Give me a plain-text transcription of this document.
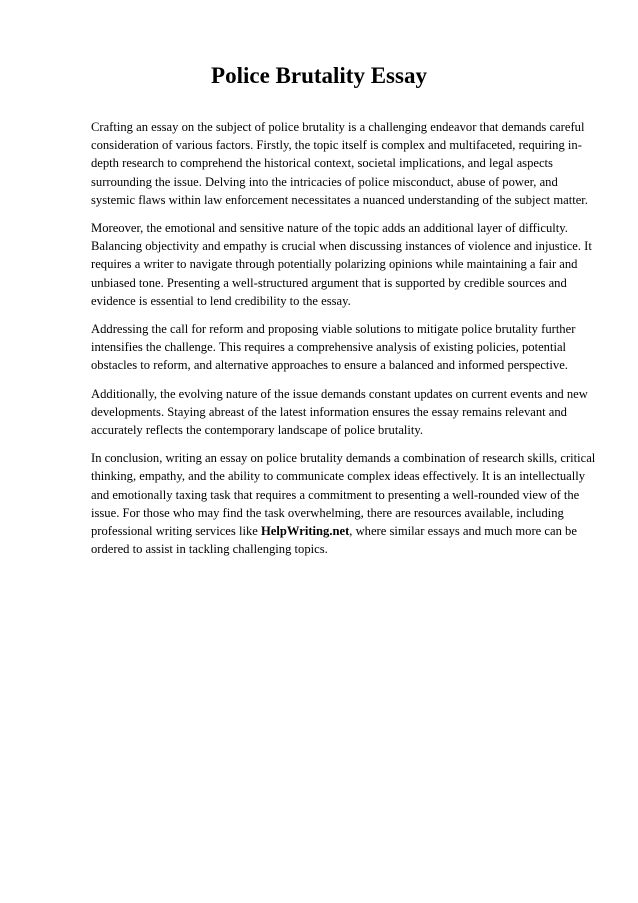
Police Brutality Essay

Crafting an essay on the subject of police brutality is a challenging endeavor that demands careful consideration of various factors. Firstly, the topic itself is complex and multifaceted, requiring in-depth research to comprehend the historical context, societal implications, and legal aspects surrounding the issue. Delving into the intricacies of police misconduct, abuse of power, and systemic flaws within law enforcement necessitates a nuanced understanding of the subject matter.

Moreover, the emotional and sensitive nature of the topic adds an additional layer of difficulty. Balancing objectivity and empathy is crucial when discussing instances of violence and injustice. It requires a writer to navigate through potentially polarizing opinions while maintaining a fair and unbiased tone. Presenting a well-structured argument that is supported by credible sources and evidence is essential to lend credibility to the essay.

Addressing the call for reform and proposing viable solutions to mitigate police brutality further intensifies the challenge. This requires a comprehensive analysis of existing policies, potential obstacles to reform, and alternative approaches to ensure a balanced and informed perspective.

Additionally, the evolving nature of the issue demands constant updates on current events and new developments. Staying abreast of the latest information ensures the essay remains relevant and accurately reflects the contemporary landscape of police brutality.

In conclusion, writing an essay on police brutality demands a combination of research skills, critical thinking, empathy, and the ability to communicate complex ideas effectively. It is an intellectually and emotionally taxing task that requires a commitment to presenting a well-rounded view of the issue. For those who may find the task overwhelming, there are resources available, including professional writing services like HelpWriting.net, where similar essays and much more can be ordered to assist in tackling challenging topics.
